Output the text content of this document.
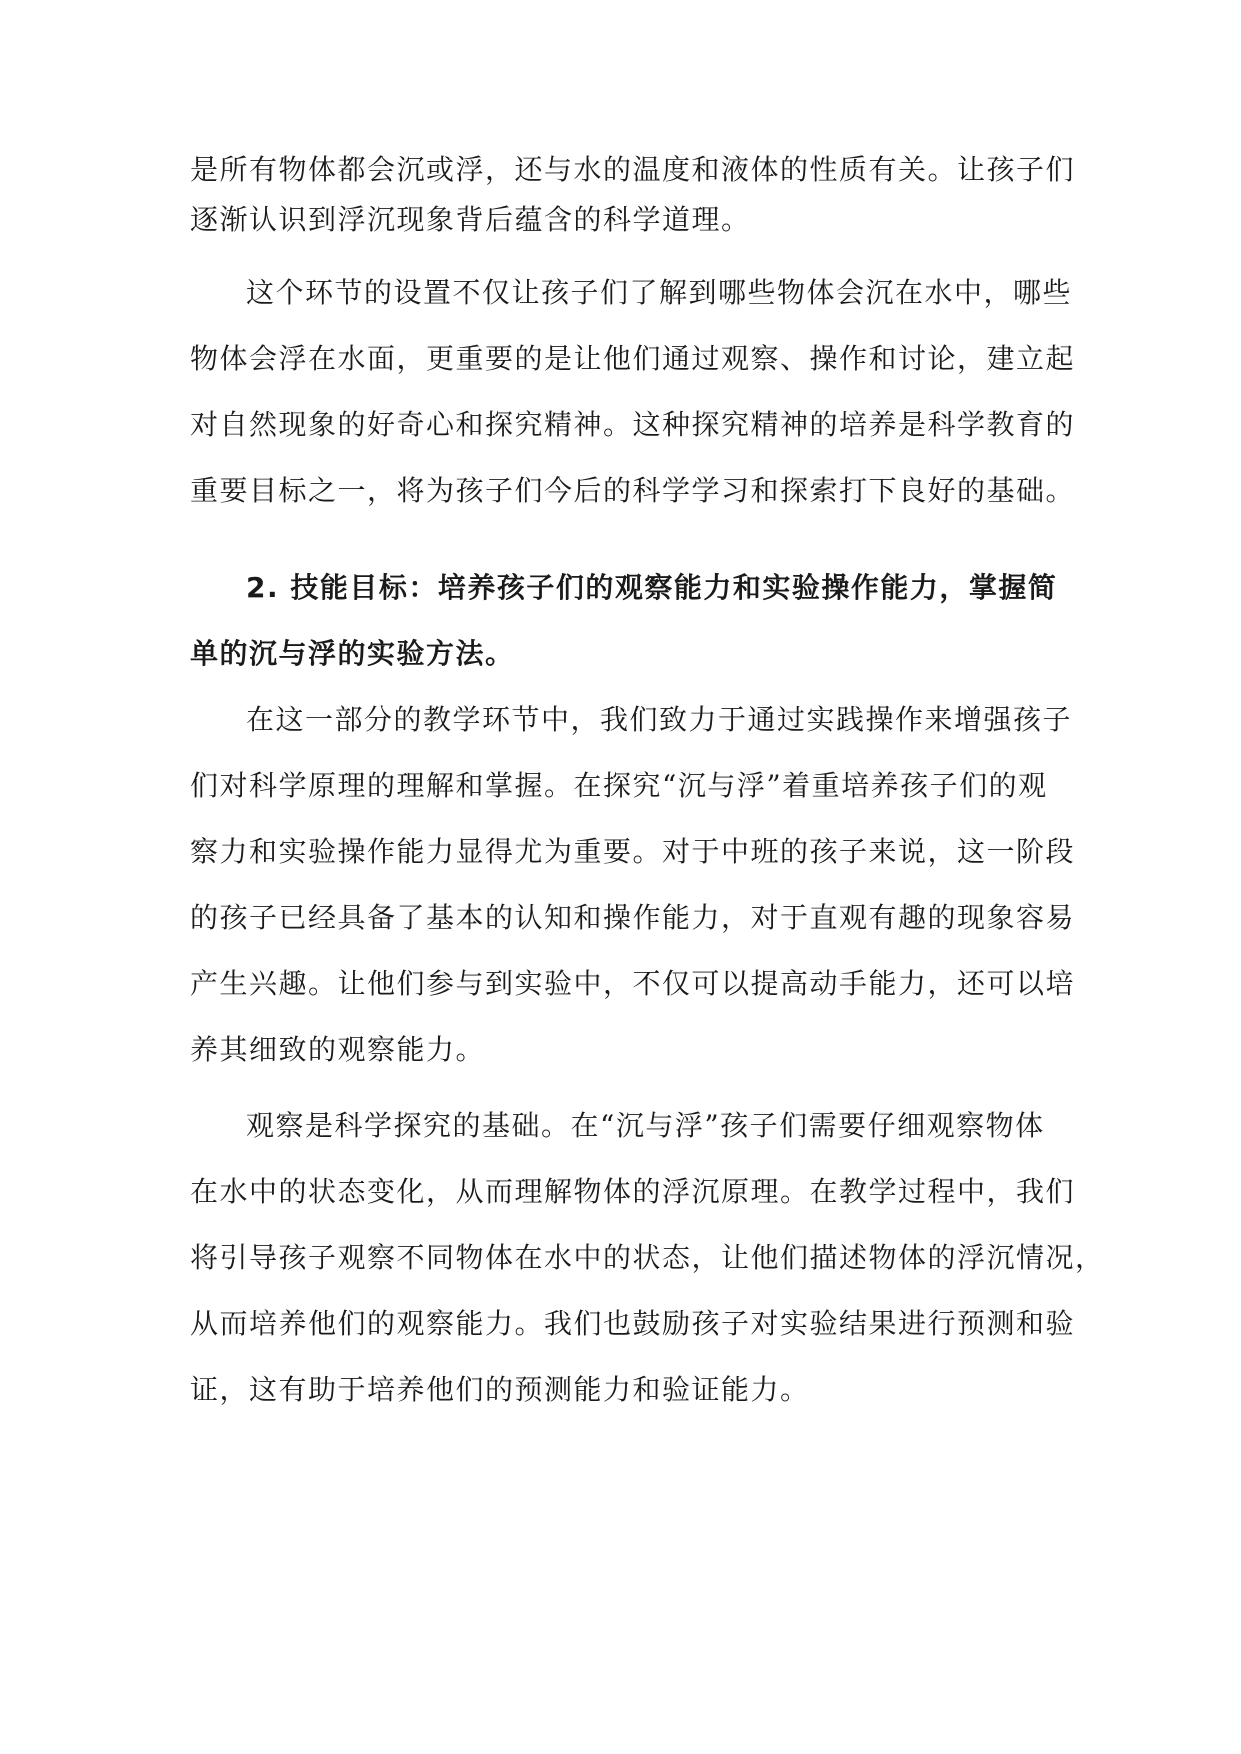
是所有物体都会沉或浮，还与水的温度和液体的性质有关。让孩子们
逐渐认识到浮沉现象背后蕴含的科学道理。
这个环节的设置不仅让孩子们了解到哪些物体会沉在水中，哪些
物体会浮在水面，更重要的是让他们通过观察、操作和讨论，建立起
对自然现象的好奇心和探究精神。这种探究精神的培养是科学教育的
重要目标之一，将为孩子们今后的科学学习和探索打下良好的基础。
2. 技能目标：培养孩子们的观察能力和实验操作能力，掌握简
单的沉与浮的实验方法。
在这一部分的教学环节中，我们致力于通过实践操作来增强孩子
们对科学原理的理解和掌握。在探究“沉与浮”着重培养孩子们的观
察力和实验操作能力显得尤为重要。对于中班的孩子来说，这一阶段
的孩子已经具备了基本的认知和操作能力，对于直观有趣的现象容易
产生兴趣。让他们参与到实验中，不仅可以提高动手能力，还可以培
养其细致的观察能力。
观察是科学探究的基础。在“沉与浮”孩子们需要仔细观察物体
在水中的状态变化，从而理解物体的浮沉原理。在教学过程中，我们
将引导孩子观察不同物体在水中的状态，让他们描述物体的浮沉情况，
从而培养他们的观察能力。我们也鼓励孩子对实验结果进行预测和验
证，这有助于培养他们的预测能力和验证能力。
